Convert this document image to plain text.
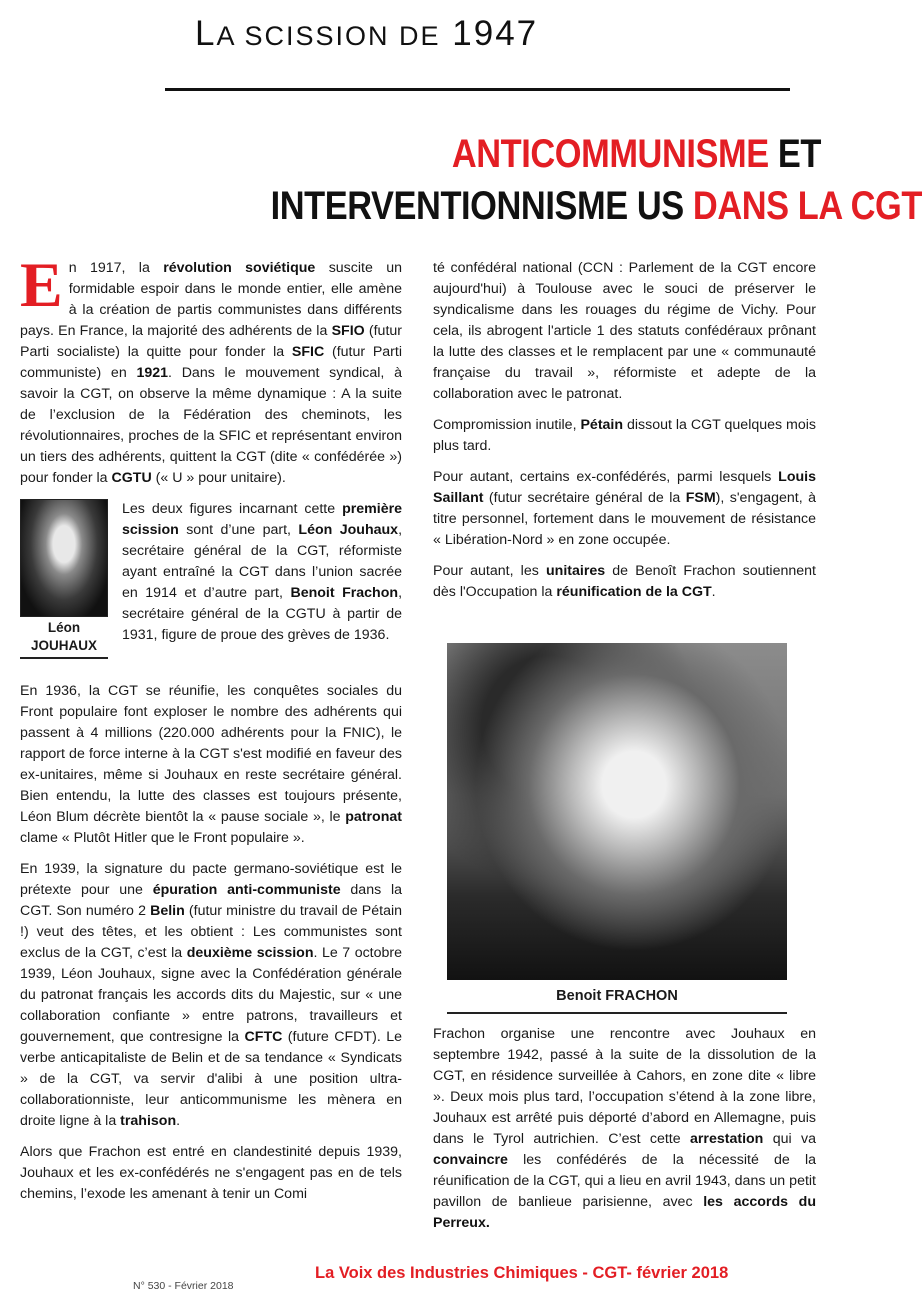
LA SCISSION DE 1947
ANTICOMMUNISME ET
INTERVENTIONNISME US DANS LA CGT

En 1917, la révolution soviétique suscite un formidable espoir dans le monde entier, elle amène à la création de partis communistes dans différents pays. En France, la majorité des adhérents de la SFIO (futur Parti socialiste) la quitte pour fonder la SFIC (futur Parti communiste) en 1921. Dans le mouvement syndical, à savoir la CGT, on observe la même dynamique : A la suite de l’exclusion de la Fédération des cheminots, les révolutionnaires, proches de la SFIC et représentant environ un tiers des adhérents, quittent la CGT (dite « confédérée ») pour fonder la CGTU (« U » pour unitaire).

Léon
JOUHAUX

Les deux figures incarnant cette première scission sont d’une part, Léon Jouhaux, secrétaire général de la CGT, réformiste ayant entraîné la CGT dans l’union sacrée en 1914 et d’autre part, Benoit Frachon, secrétaire général de la CGTU à partir de 1931, figure de proue des grèves de 1936.

En 1936, la CGT se réunifie, les conquêtes sociales du Front populaire font exploser le nombre des adhérents qui passent à 4 millions (220.000 adhérents pour la FNIC), le rapport de force interne à la CGT s'est modifié en faveur des ex-unitaires, même si Jouhaux en reste secrétaire général. Bien entendu, la lutte des classes est toujours présente, Léon Blum décrète bientôt la « pause sociale », le patronat clame « Plutôt Hitler que le Front populaire ».

En 1939, la signature du pacte germano-soviétique est le prétexte pour une épuration anti-communiste dans la CGT. Son numéro 2 Belin (futur ministre du travail de Pétain !) veut des têtes, et les obtient : Les communistes sont exclus de la CGT, c’est la deuxième scission. Le 7 octobre 1939, Léon Jouhaux, signe avec la Confédération générale du patronat français les accords dits du Majestic, sur « une collaboration confiante » entre patrons, travailleurs et gouvernement, que contresigne la CFTC (future CFDT). Le verbe anticapitaliste de Belin et de sa tendance « Syndicats » de la CGT, va servir d'alibi à une position ultra-collaborationniste, leur anticommunisme les mènera en droite ligne à la trahison.

Alors que Frachon est entré en clandestinité depuis 1939, Jouhaux et les ex-confédérés ne s'engagent pas en de tels chemins, l’exode les amenant à tenir un Comi

té confédéral national (CCN : Parlement de la CGT encore aujourd'hui) à Toulouse avec le souci de préserver le syndicalisme dans les rouages du régime de Vichy. Pour cela, ils abrogent l'article 1 des statuts confédéraux prônant la lutte des classes et le remplacent par une « communauté française du travail », réformiste et adepte de la collaboration avec le patronat.

Compromission inutile, Pétain dissout la CGT quelques mois plus tard.

Pour autant, certains ex-confédérés, parmi lesquels Louis Saillant (futur secrétaire général de la FSM), s'engagent, à titre personnel, fortement dans le mouvement de résistance « Libération-Nord » en zone occupée.

Pour autant, les unitaires de Benoît Frachon soutiennent dès l'Occupation la réunification de la CGT.

Benoit FRACHON

Frachon organise une rencontre avec Jouhaux en septembre 1942, passé à la suite de la dissolution de la CGT, en résidence surveillée à Cahors, en zone dite « libre ». Deux mois plus tard, l’occupation s’étend à la zone libre, Jouhaux est arrêté puis déporté d’abord en Allemagne, puis dans le Tyrol autrichien. C’est cette arrestation qui va convaincre les confédérés de la nécessité de la réunification de la CGT, qui a lieu en avril 1943, dans un petit pavillon de banlieue parisienne, avec les accords du Perreux.

N° 530 - Février 2018
La Voix des Industries Chimiques - CGT- février 2018
